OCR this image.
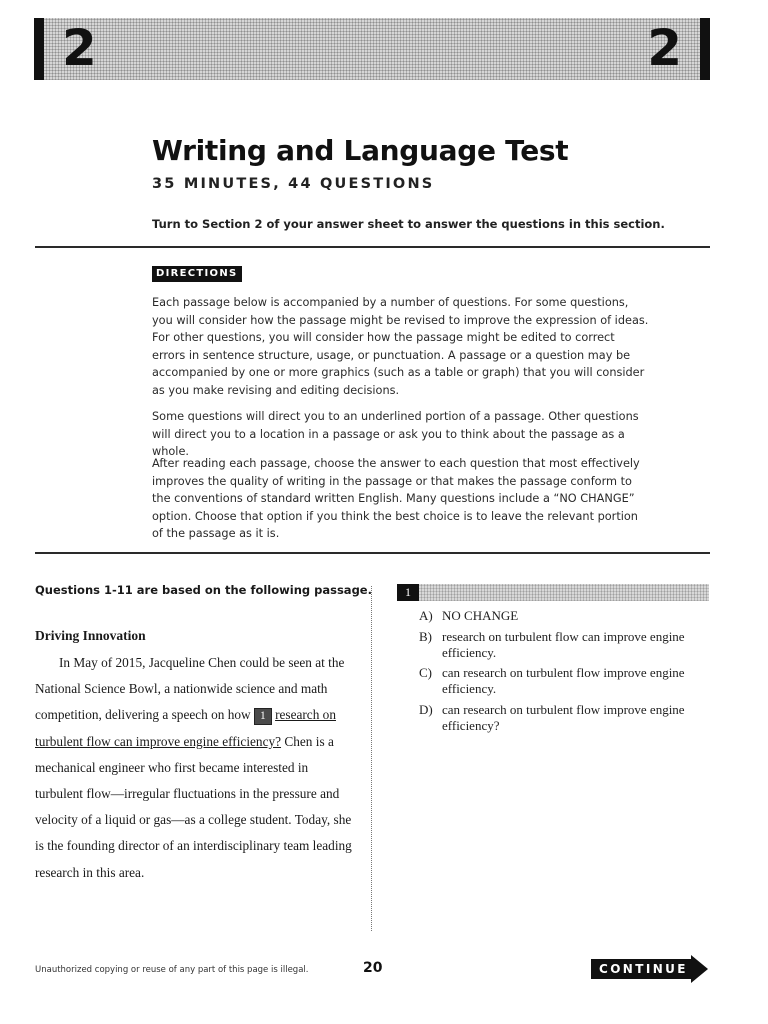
2	2
Writing and Language Test

35 MINUTES, 44 QUESTIONS

Turn to Section 2 of your answer sheet to answer the questions in this section.

DIRECTIONS

Each passage below is accompanied by a number of questions. For some questions, you will consider how the passage might be revised to improve the expression of ideas. For other questions, you will consider how the passage might be edited to correct errors in sentence structure, usage, or punctuation. A passage or a question may be accompanied by one or more graphics (such as a table or graph) that you will consider as you make revising and editing decisions.

Some questions will direct you to an underlined portion of a passage. Other questions will direct you to a location in a passage or ask you to think about the passage as a whole.

After reading each passage, choose the answer to each question that most effectively improves the quality of writing in the passage or that makes the passage conform to the conventions of standard written English. Many questions include a “NO CHANGE” option. Choose that option if you think the best choice is to leave the relevant portion of the passage as it is.

Questions 1-11 are based on the following passage.

Driving Innovation

In May of 2015, Jacqueline Chen could be seen at the National Science Bowl, a nationwide science and math competition, delivering a speech on how 1 research on turbulent flow can improve engine efficiency? Chen is a mechanical engineer who first became interested in turbulent flow—irregular fluctuations in the pressure and velocity of a liquid or gas—as a college student. Today, she is the founding director of an interdisciplinary team leading research in this area.

1
A) NO CHANGE
B) research on turbulent flow can improve engine efficiency.
C) can research on turbulent flow improve engine efficiency.
D) can research on turbulent flow improve engine efficiency?

Unauthorized copying or reuse of any part of this page is illegal.	20	CONTINUE
